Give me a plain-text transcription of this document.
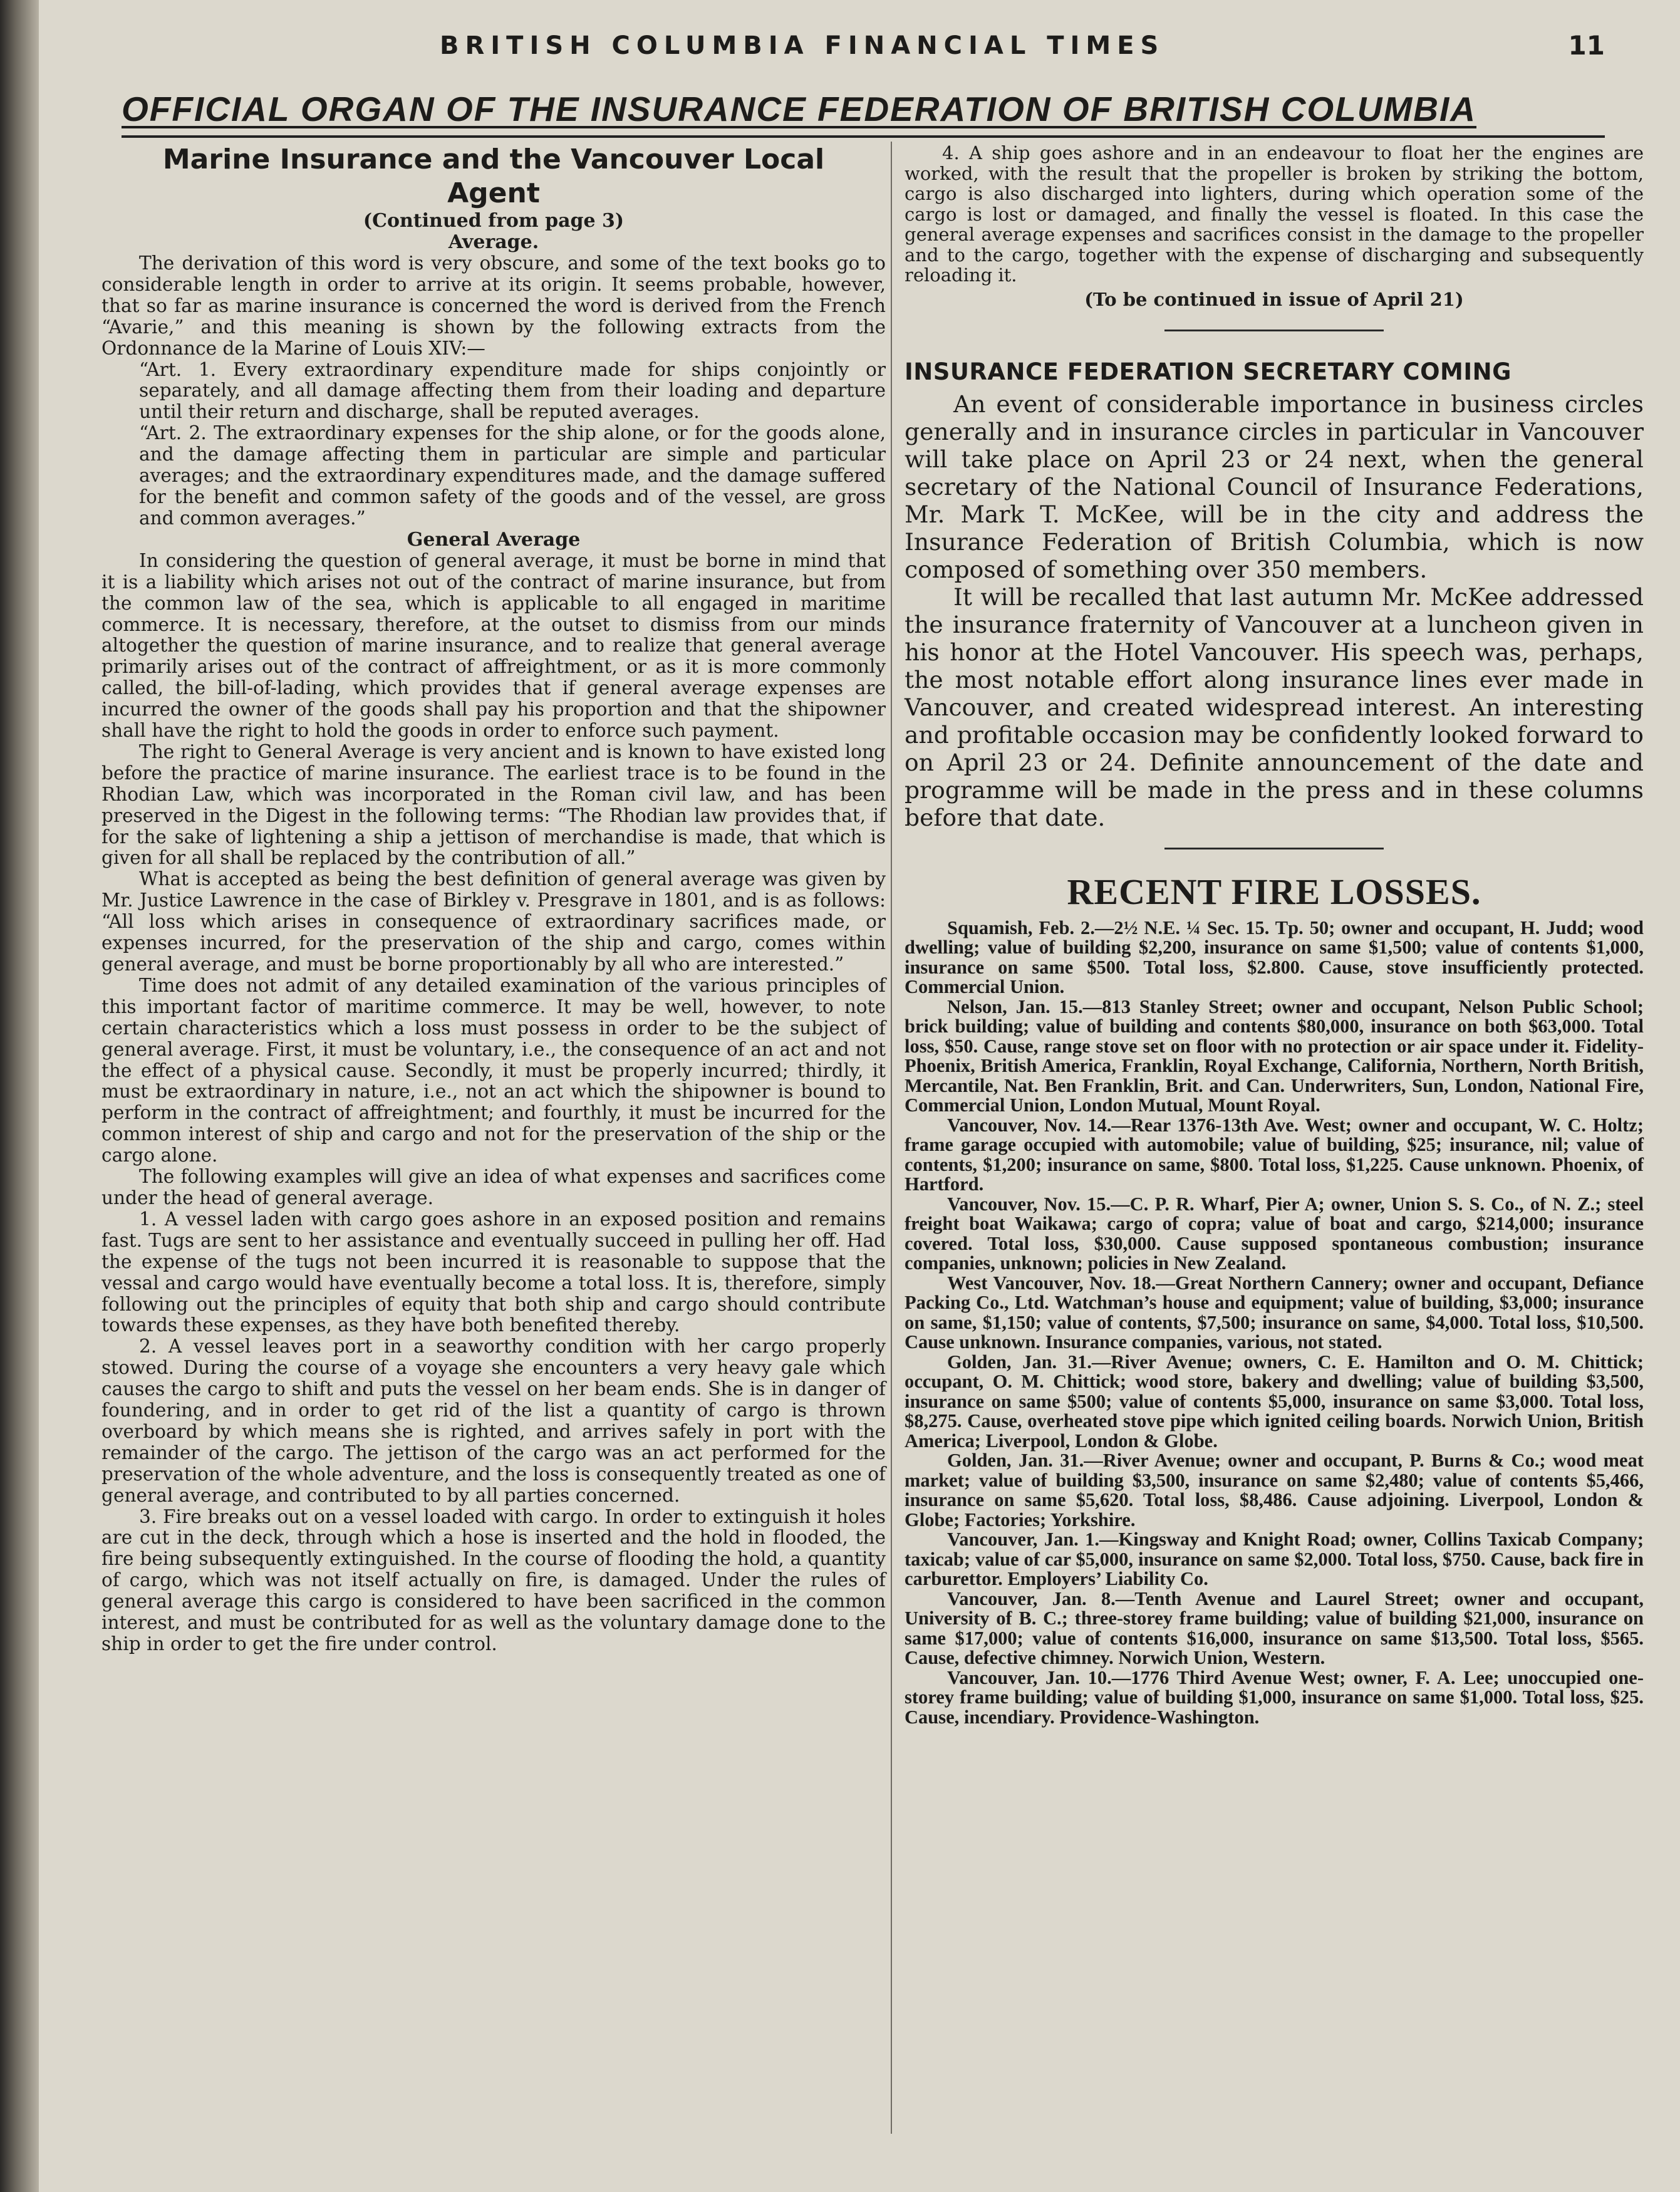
BRITISH COLUMBIA FINANCIAL TIMES	11
OFFICIAL ORGAN OF THE INSURANCE FEDERATION OF BRITISH COLUMBIA
Marine Insurance and the Vancouver Local Agent
(Continued from page 3)
Average.
The derivation of this word is very obscure, and some of the text books go to considerable length in order to arrive at its origin. It seems probable, however, that so far as marine insurance is concerned the word is derived from the French “Avarie,” and this meaning is shown by the following extracts from the Ordonnance de la Marine of Louis XIV:—
“Art. 1. Every extraordinary expenditure made for ships conjointly or separately, and all damage affecting them from their loading and departure until their return and discharge, shall be reputed averages.
“Art. 2. The extraordinary expenses for the ship alone, or for the goods alone, and the damage affecting them in particular are simple and particular averages; and the extraordinary expenditures made, and the damage suffered for the benefit and common safety of the goods and of the vessel, are gross and common averages.”
General Average
In considering the question of general average, it must be borne in mind that it is a liability which arises not out of the contract of marine insurance, but from the common law of the sea, which is applicable to all engaged in maritime commerce. It is necessary, therefore, at the outset to dismiss from our minds altogether the question of marine insurance, and to realize that general average primarily arises out of the contract of affreightment, or as it is more commonly called, the bill-of-lading, which provides that if general average expenses are incurred the owner of the goods shall pay his proportion and that the shipowner shall have the right to hold the goods in order to enforce such payment.
The right to General Average is very ancient and is known to have existed long before the practice of marine insurance. The earliest trace is to be found in the Rhodian Law, which was incorporated in the Roman civil law, and has been preserved in the Digest in the following terms: “The Rhodian law provides that, if for the sake of lightening a ship a jettison of merchandise is made, that which is given for all shall be replaced by the contribution of all.”
What is accepted as being the best definition of general average was given by Mr. Justice Lawrence in the case of Birkley v. Presgrave in 1801, and is as follows: “All loss which arises in consequence of extraordinary sacrifices made, or expenses incurred, for the preservation of the ship and cargo, comes within general average, and must be borne proportionably by all who are interested.”
Time does not admit of any detailed examination of the various principles of this important factor of maritime commerce. It may be well, however, to note certain characteristics which a loss must possess in order to be the subject of general average. First, it must be voluntary, i.e., the consequence of an act and not the effect of a physical cause. Secondly, it must be properly incurred; thirdly, it must be extraordinary in nature, i.e., not an act which the shipowner is bound to perform in the contract of affreightment; and fourthly, it must be incurred for the common interest of ship and cargo and not for the preservation of the ship or the cargo alone.
The following examples will give an idea of what expenses and sacrifices come under the head of general average.
1. A vessel laden with cargo goes ashore in an exposed position and remains fast. Tugs are sent to her assistance and eventually succeed in pulling her off. Had the expense of the tugs not been incurred it is reasonable to suppose that the vessal and cargo would have eventually become a total loss. It is, therefore, simply following out the principles of equity that both ship and cargo should contribute towards these expenses, as they have both benefited thereby.
2. A vessel leaves port in a seaworthy condition with her cargo properly stowed. During the course of a voyage she encounters a very heavy gale which causes the cargo to shift and puts the vessel on her beam ends. She is in danger of foundering, and in order to get rid of the list a quantity of cargo is thrown overboard by which means she is righted, and arrives safely in port with the remainder of the cargo. The jettison of the cargo was an act performed for the preservation of the whole adventure, and the loss is consequently treated as one of general average, and contributed to by all parties concerned.
3. Fire breaks out on a vessel loaded with cargo. In order to extinguish it holes are cut in the deck, through which a hose is inserted and the hold in flooded, the fire being subsequently extinguished. In the course of flooding the hold, a quantity of cargo, which was not itself actually on fire, is damaged. Under the rules of general average this cargo is considered to have been sacrificed in the common interest, and must be contributed for as well as the voluntary damage done to the ship in order to get the fire under control.
4. A ship goes ashore and in an endeavour to float her the engines are worked, with the result that the propeller is broken by striking the bottom, cargo is also discharged into lighters, during which operation some of the cargo is lost or damaged, and finally the vessel is floated. In this case the general average expenses and sacrifices consist in the damage to the propeller and to the cargo, together with the expense of discharging and subsequently reloading it.
(To be continued in issue of April 21)
INSURANCE FEDERATION SECRETARY COMING
An event of considerable importance in business circles generally and in insurance circles in particular in Vancouver will take place on April 23 or 24 next, when the general secretary of the National Council of Insurance Federations, Mr. Mark T. McKee, will be in the city and address the Insurance Federation of British Columbia, which is now composed of something over 350 members.
It will be recalled that last autumn Mr. McKee addressed the insurance fraternity of Vancouver at a luncheon given in his honor at the Hotel Vancouver. His speech was, perhaps, the most notable effort along insurance lines ever made in Vancouver, and created widespread interest. An interesting and profitable occasion may be confidently looked forward to on April 23 or 24. Definite announcement of the date and programme will be made in the press and in these columns before that date.
RECENT FIRE LOSSES.
Squamish, Feb. 2.—2½ N.E. ¼ Sec. 15. Tp. 50; owner and occupant, H. Judd; wood dwelling; value of building $2,200, insurance on same $1,500; value of contents $1,000, insurance on same $500. Total loss, $2.800. Cause, stove insufficiently protected. Commercial Union.
Nelson, Jan. 15.—813 Stanley Street; owner and occupant, Nelson Public School; brick building; value of building and contents $80,000, insurance on both $63,000. Total loss, $50. Cause, range stove set on floor with no protection or air space under it. Fidelity-Phoenix, British America, Franklin, Royal Exchange, California, Northern, North British, Mercantile, Nat. Ben Franklin, Brit. and Can. Underwriters, Sun, London, National Fire, Commercial Union, London Mutual, Mount Royal.
Vancouver, Nov. 14.—Rear 1376-13th Ave. West; owner and occupant, W. C. Holtz; frame garage occupied with automobile; value of building, $25; insurance, nil; value of contents, $1,200; insurance on same, $800. Total loss, $1,225. Cause unknown. Phoenix, of Hartford.
Vancouver, Nov. 15.—C. P. R. Wharf, Pier A; owner, Union S. S. Co., of N. Z.; steel freight boat Waikawa; cargo of copra; value of boat and cargo, $214,000; insurance covered. Total loss, $30,000. Cause supposed spontaneous combustion; insurance companies, unknown; policies in New Zealand.
West Vancouver, Nov. 18.—Great Northern Cannery; owner and occupant, Defiance Packing Co., Ltd. Watchman’s house and equipment; value of building, $3,000; insurance on same, $1,150; value of contents, $7,500; insurance on same, $4,000. Total loss, $10,500. Cause unknown. Insurance companies, various, not stated.
Golden, Jan. 31.—River Avenue; owners, C. E. Hamilton and O. M. Chittick; occupant, O. M. Chittick; wood store, bakery and dwelling; value of building $3,500, insurance on same $500; value of contents $5,000, insurance on same $3,000. Total loss, $8,275. Cause, overheated stove pipe which ignited ceiling boards. Norwich Union, British America; Liverpool, London & Globe.
Golden, Jan. 31.—River Avenue; owner and occupant, P. Burns & Co.; wood meat market; value of building $3,500, insurance on same $2,480; value of contents $5,466, insurance on same $5,620. Total loss, $8,486. Cause adjoining. Liverpool, London & Globe; Factories; Yorkshire.
Vancouver, Jan. 1.—Kingsway and Knight Road; owner, Collins Taxicab Company; taxicab; value of car $5,000, insurance on same $2,000. Total loss, $750. Cause, back fire in carburettor. Employers’ Liability Co.
Vancouver, Jan. 8.—Tenth Avenue and Laurel Street; owner and occupant, University of B. C.; three-storey frame building; value of building $21,000, insurance on same $17,000; value of contents $16,000, insurance on same $13,500. Total loss, $565. Cause, defective chimney. Norwich Union, Western.
Vancouver, Jan. 10.—1776 Third Avenue West; owner, F. A. Lee; unoccupied one-storey frame building; value of building $1,000, insurance on same $1,000. Total loss, $25. Cause, incendiary. Providence-Washington.
